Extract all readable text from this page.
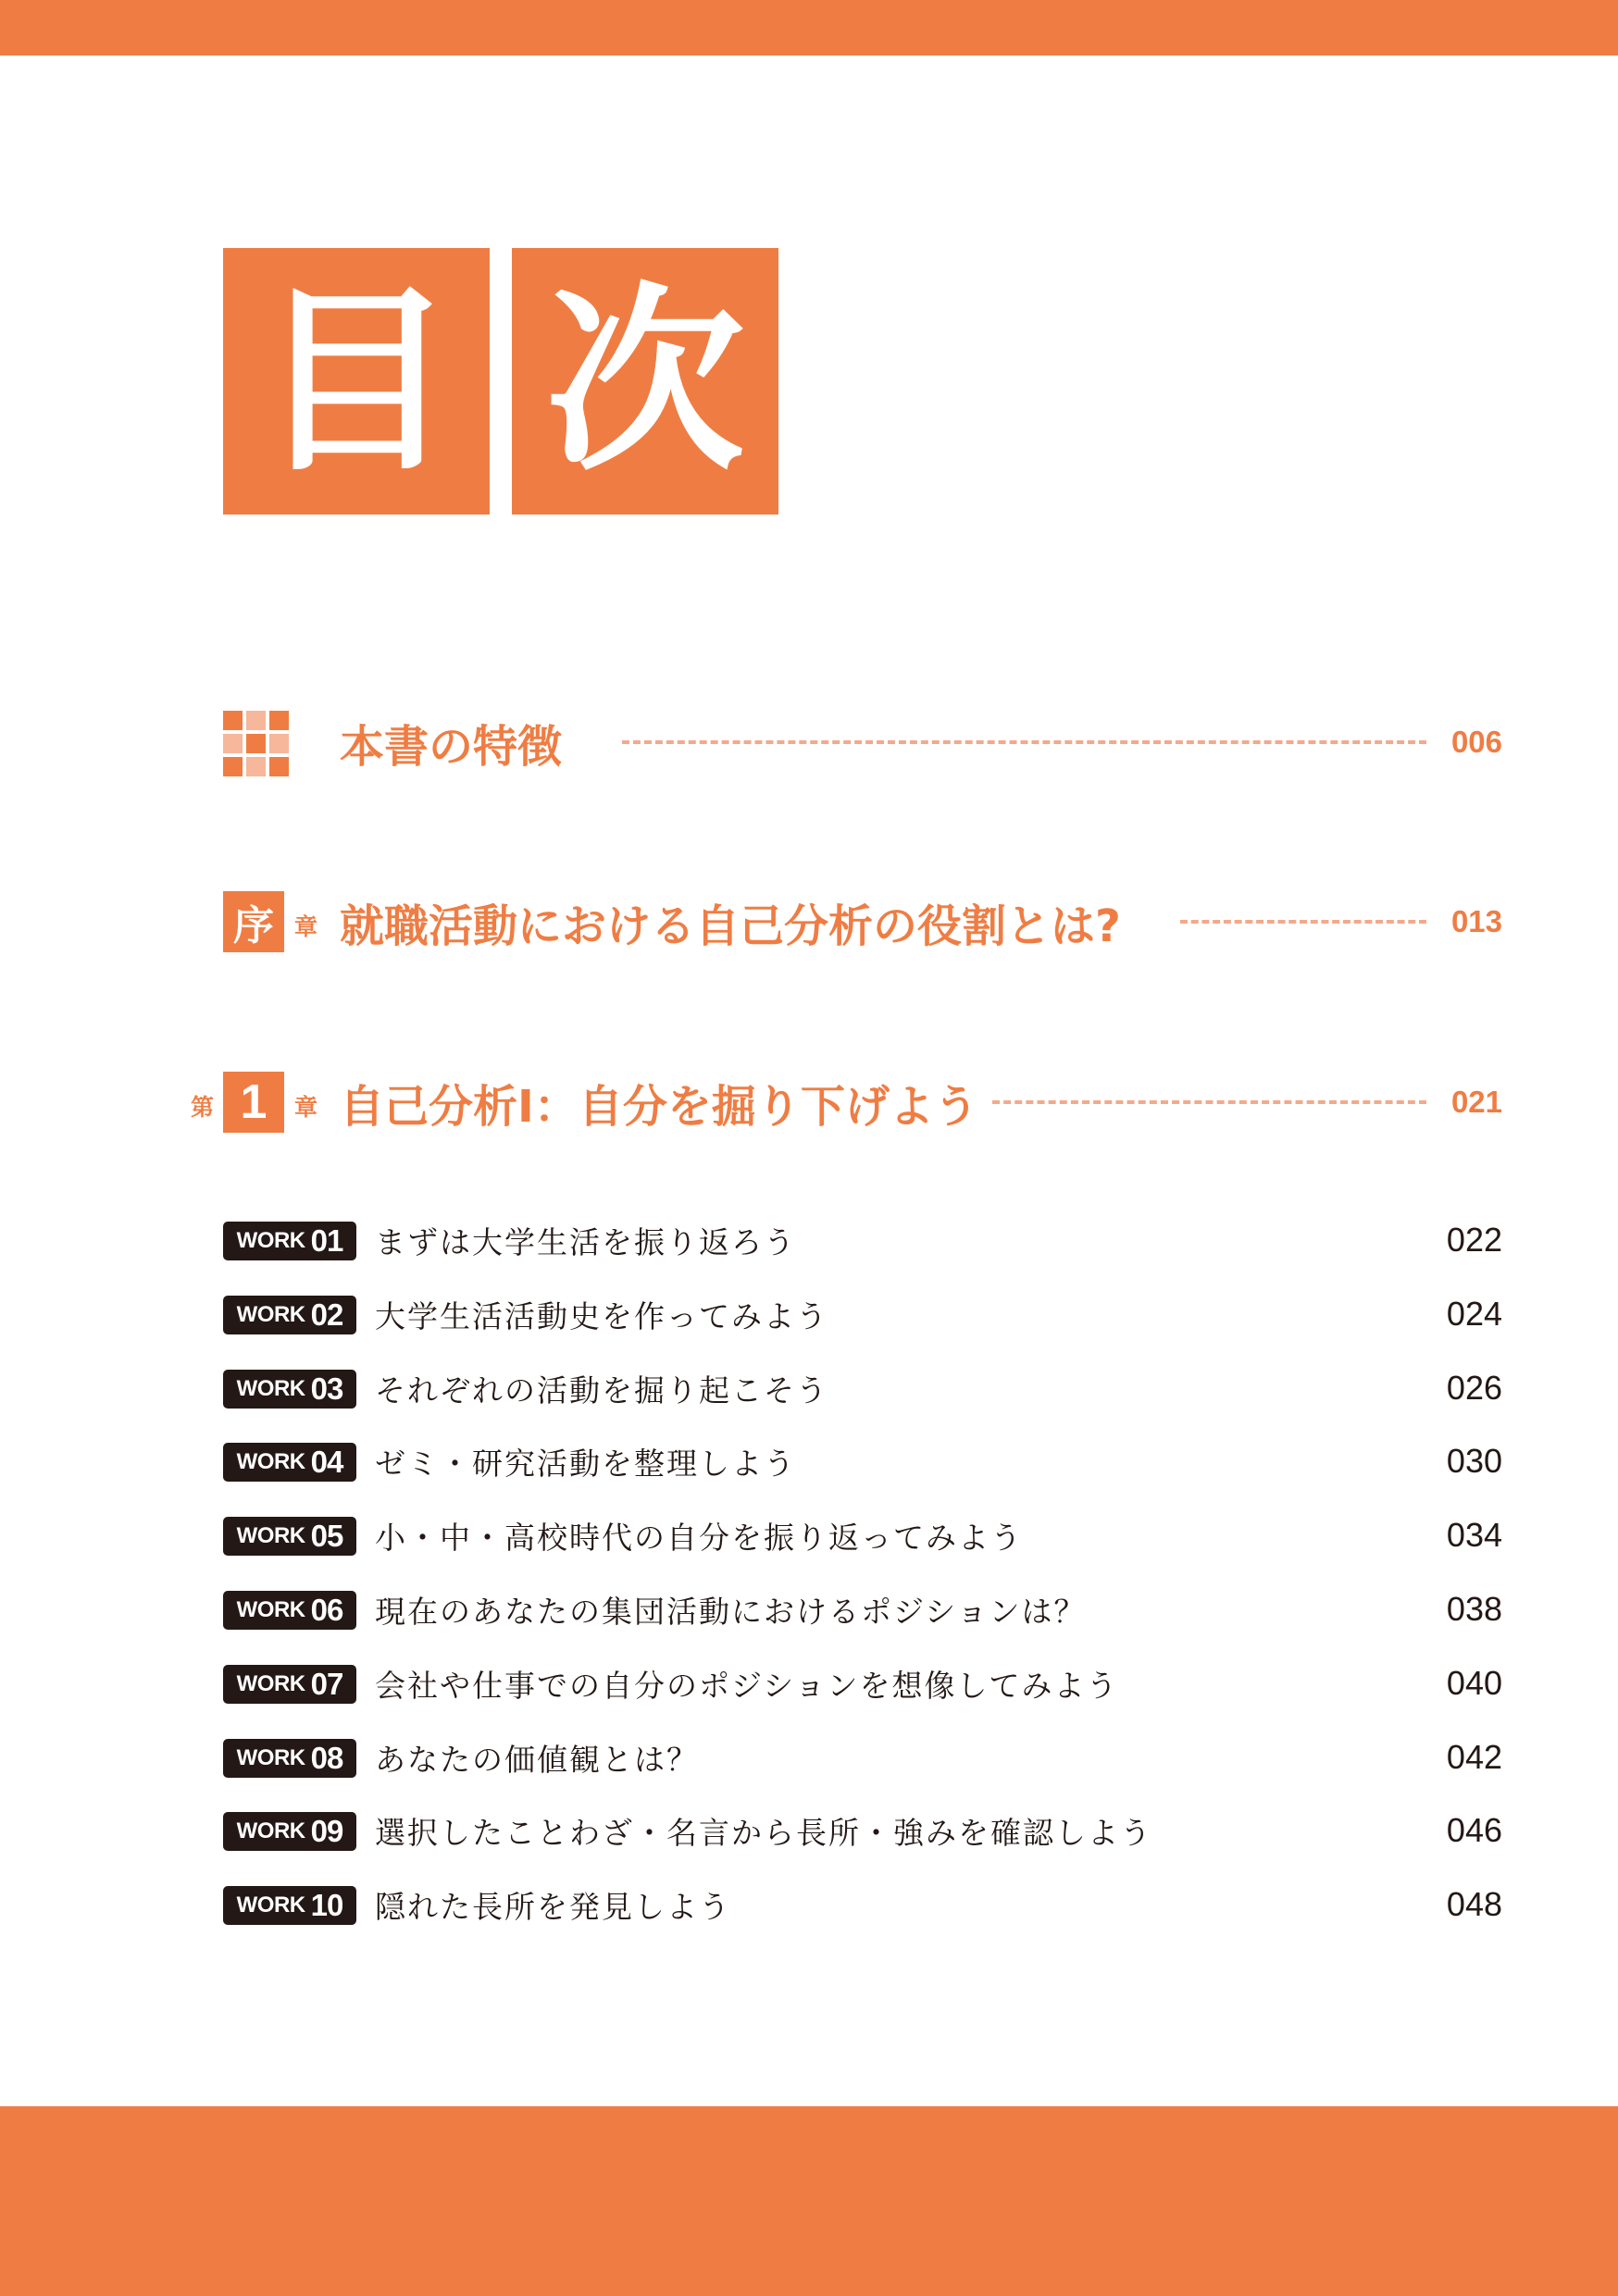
目 次
本書の特徴	006
序 章 就職活動における自己分析の役割とは?	013
第 1	章 自己分析I：自分を掘り下げよう	021
WORK 01 まずは大学生活を振り返ろう	022
WORK 02 大学生活活動史を作ってみよう	024
WORK 03 それぞれの活動を掘り起こそう	026
WORK 04 ゼミ・研究活動を整理しよう	030
WORK 05 小・中・高校時代の自分を振り返ってみよう	034
WORK 06 現在のあなたの集団活動におけるポジションは？	038
WORK 07 会社や仕事での自分のポジションを想像してみよう	040
WORK 08 あなたの価値観とは？	042
WORK 09 選択したことわざ・名言から長所・強みを確認しよう	046
WORK 10 隠れた長所を発見しよう	048
